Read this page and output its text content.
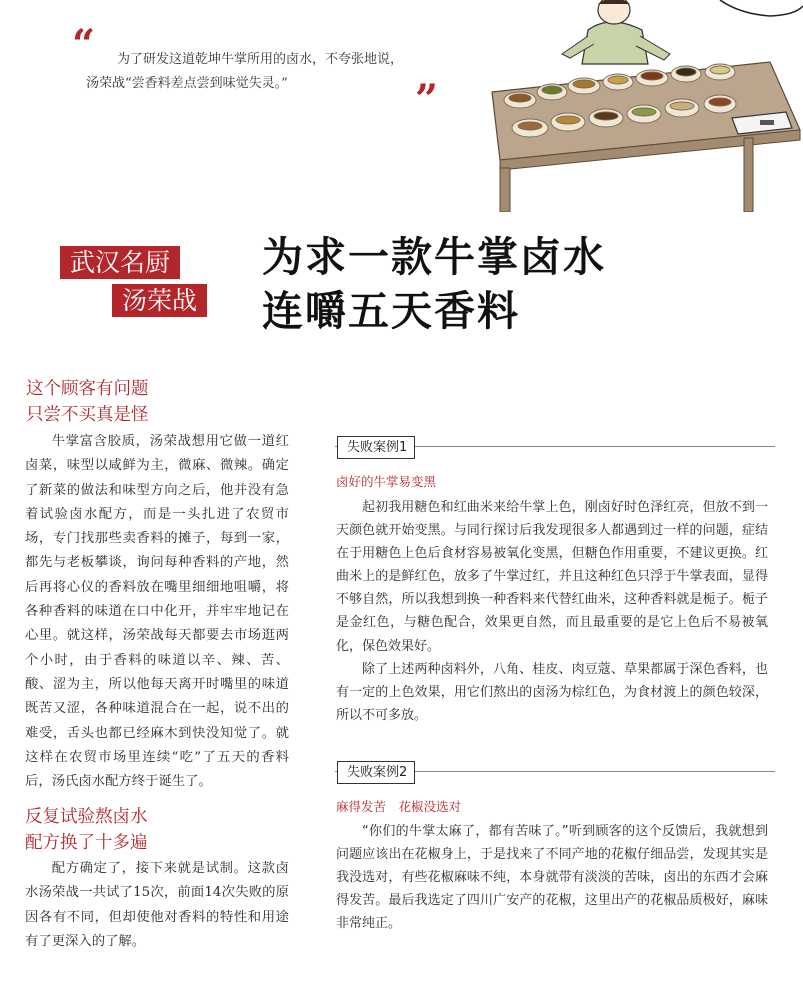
“ 为了研发这道乾坤牛掌所用的卤水，不夸张地说，
汤荣战“尝香料差点尝到味觉失灵。”	”
武汉名厨
汤荣战
为求一款牛掌卤水
连嚼五天香料
这个顾客有问题
只尝不买真是怪

牛掌富含胶质，汤荣战想用它做一道红卤菜，味型以咸鲜为主，微麻、微辣。确定了新菜的做法和味型方向之后，他并没有急着试验卤水配方，而是一头扎进了农贸市场，专门找那些卖香料的摊子，每到一家，都先与老板攀谈，询问每种香料的产地，然后再将心仪的香料放在嘴里细细地咀嚼，将各种香料的味道在口中化开，并牢牢地记在心里。就这样，汤荣战每天都要去市场逛两个小时，由于香料的味道以辛、辣、苦、酸、涩为主，所以他每天离开时嘴里的味道既苦又涩，各种味道混合在一起，说不出的难受，舌头也都已经麻木到快没知觉了。就这样在农贸市场里连续“吃”了五天的香料后，汤氏卤水配方终于诞生了。

反复试验熬卤水
配方换了十多遍

配方确定了，接下来就是试制。这款卤水汤荣战一共试了15次，前面14次失败的原因各有不同，但却使他对香料的特性和用途有了更深入的了解。

失败案例1
卤好的牛掌易变黑

起初我用糖色和红曲米来给牛掌上色，刚卤好时色泽红亮，但放不到一天颜色就开始变黑。与同行探讨后我发现很多人都遇到过一样的问题，症结在于用糖色上色后食材容易被氧化变黑，但糖色作用重要，不建议更换。红曲米上的是鲜红色，放多了牛掌过红，并且这种红色只浮于牛掌表面，显得不够自然，所以我想到换一种香料来代替红曲米，这种香料就是栀子。栀子是金红色，与糖色配合，效果更自然，而且最重要的是它上色后不易被氧化，保色效果好。

除了上述两种卤料外，八角、桂皮、肉豆蔻、草果都属于深色香料，也有一定的上色效果，用它们熬出的卤汤为棕红色，为食材渡上的颜色较深，所以不可多放。

失败案例2
麻得发苦　花椒没选对

“你们的牛掌太麻了，都有苦味了。”听到顾客的这个反馈后，我就想到问题应该出在花椒身上，于是找来了不同产地的花椒仔细品尝，发现其实是我没选对，有些花椒麻味不纯，本身就带有淡淡的苦味，卤出的东西才会麻得发苦。最后我选定了四川广安产的花椒，这里出产的花椒品质极好，麻味非常纯正。
